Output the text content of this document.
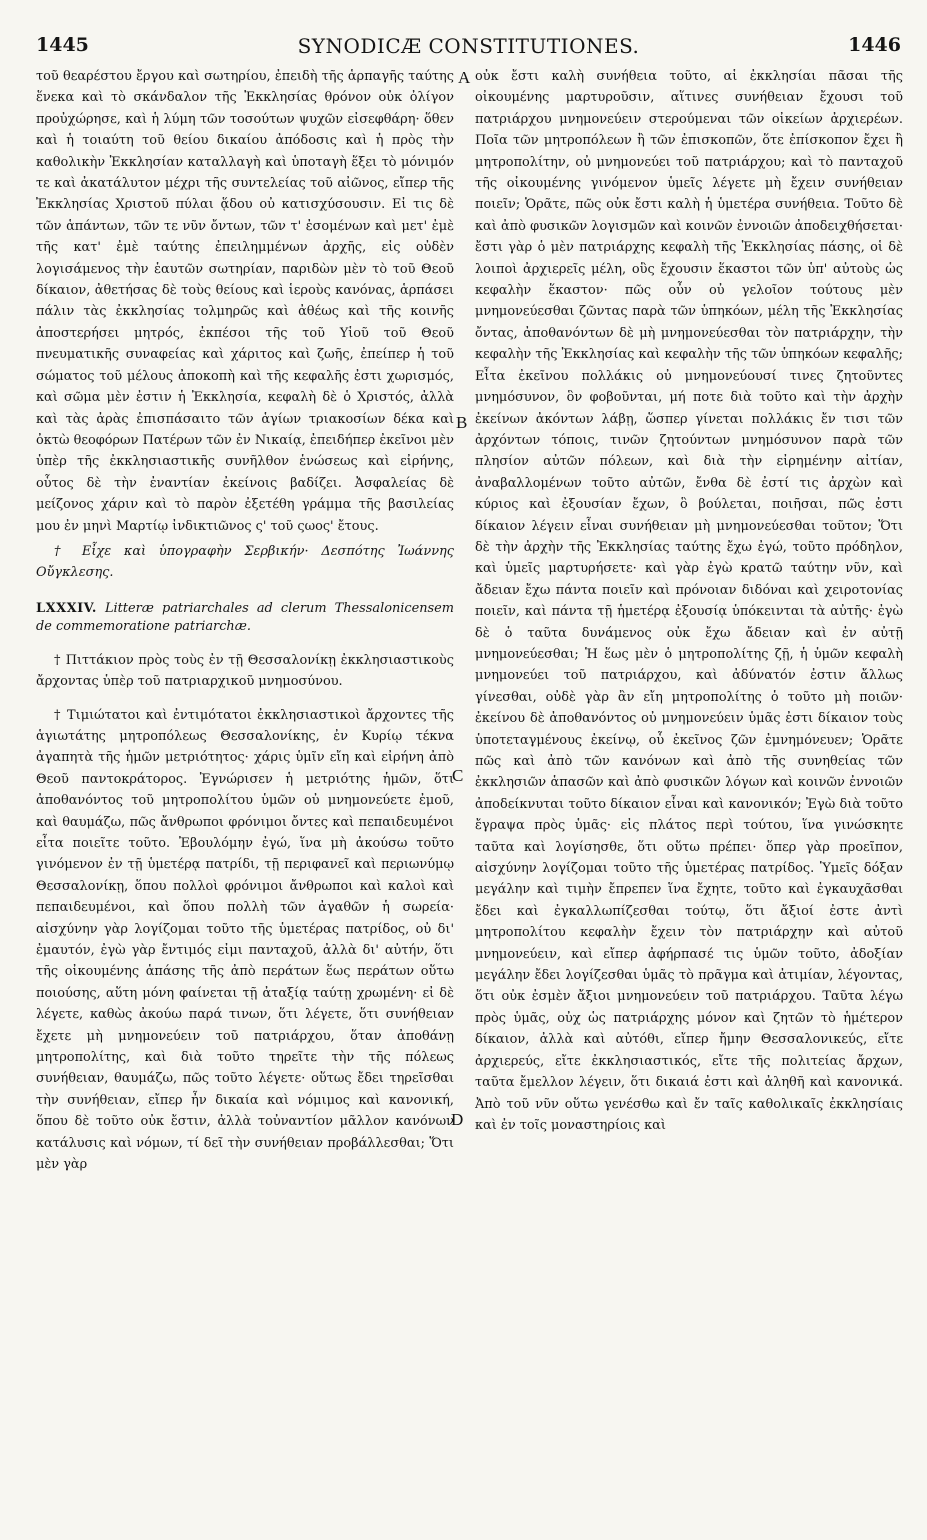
1445	SYNODICÆ CONSTITUTIONES.	1446

τοῦ θεαρέστου ἔργου καὶ σωτηρίου, ἐπειδὴ τῆς ἁρπαγῆς ταύτης ἕνεκα καὶ τὸ σκάνδαλον τῆς Ἐκκλησίας θρόνον οὐκ ὀλίγον προὐχώρησε, καὶ ἡ λύμη τῶν τοσούτων ψυχῶν εἰσεφθάρη· ὅθεν καὶ ἡ τοιαύτη τοῦ θείου δικαίου ἀπόδοσις καὶ ἡ πρὸς τὴν καθολικὴν Ἐκκλησίαν καταλλαγὴ καὶ ὑποταγὴ ἕξει τὸ μόνιμόν τε καὶ ἀκατάλυτον μέχρι τῆς συντελείας τοῦ αἰῶνος, εἴπερ τῆς Ἐκκλησίας Χριστοῦ πύλαι ᾅδου οὐ κατισχύσουσιν. Εἰ τις δὲ τῶν ἁπάντων, τῶν τε νῦν ὄντων, τῶν τ' ἐσομένων καὶ μετ' ἐμὲ τῆς κατ' ἐμὲ ταύτης ἐπειλημμένων ἀρχῆς, εἰς οὐδὲν λογισάμενος τὴν ἑαυτῶν σωτηρίαν, παριδὼν μὲν τὸ τοῦ Θεοῦ δίκαιον, ἀθετήσας δὲ τοὺς θείους καὶ ἱεροὺς κανόνας, ἁρπάσει πάλιν τὰς ἐκκλησίας τολμηρῶς καὶ ἀθέως καὶ τῆς κοινῆς ἀποστερήσει μητρός, ἐκπέσοι τῆς τοῦ Υἱοῦ τοῦ Θεοῦ πνευματικῆς συναφείας καὶ χάριτος καὶ ζωῆς, ἐπείπερ ἡ τοῦ σώματος τοῦ μέλους ἀποκοπὴ καὶ τῆς κεφαλῆς ἐστι χωρισμός, καὶ σῶμα μὲν ἐστιν ἡ Ἐκκλησία, κεφαλὴ δὲ ὁ Χριστός, ἀλλὰ καὶ τὰς ἀρὰς ἐπισπάσαιτο τῶν ἁγίων τριακοσίων δέκα καὶ ὀκτὼ θεοφόρων Πατέρων τῶν ἐν Νικαίᾳ, ἐπειδήπερ ἐκεῖνοι μὲν ὑπὲρ τῆς ἐκκλησιαστικῆς συνῆλθον ἑνώσεως καὶ εἰρήνης, οὗτος δὲ τὴν ἐναντίαν ἐκείνοις βαδίζει. Ἀσφαλείας δὲ μείζονος χάριν καὶ τὸ παρὸν ἐξετέθη γράμμα τῆς βασιλείας μου ἐν μηνὶ Μαρτίῳ ἰνδικτιῶνος ς' τοῦ ςωος' ἔτους.

† Εἶχε καὶ ὑπογραφὴν Σερβικήν· Δεσπότης Ἰωάννης Οὔγκλεσης.

LXXXIV. Litteræ patriarchales ad clerum Thessalonicensem de commemoratione patriarchæ.

† Πιττάκιον πρὸς τοὺς ἐν τῇ Θεσσαλονίκῃ ἐκκλησιαστικοὺς ἄρχοντας ὑπὲρ τοῦ πατριαρχικοῦ μνημοσύνου.

† Τιμιώτατοι καὶ ἐντιμότατοι ἐκκλησιαστικοὶ ἄρχοντες τῆς ἁγιωτάτης μητροπόλεως Θεσσαλονίκης, ἐν Κυρίῳ τέκνα ἀγαπητὰ τῆς ἡμῶν μετριότητος· χάρις ὑμῖν εἴη καὶ εἰρήνη ἀπὸ Θεοῦ παντοκράτορος. Ἐγνώρισεν ἡ μετριότης ἡμῶν, ὅτι ἀποθανόντος τοῦ μητροπολίτου ὑμῶν οὐ μνημονεύετε ἐμοῦ, καὶ θαυμάζω, πῶς ἄνθρωποι φρόνιμοι ὄντες καὶ πεπαιδευμένοι εἶτα ποιεῖτε τοῦτο. Ἐβουλόμην ἐγώ, ἵνα μὴ ἀκούσω τοῦτο γινόμενον ἐν τῇ ὑμετέρᾳ πατρίδι, τῇ περιφανεῖ καὶ περιωνύμῳ Θεσσαλονίκῃ, ὅπου πολλοὶ φρόνιμοι ἄνθρωποι καὶ καλοὶ καὶ πεπαιδευμένοι, καὶ ὅπου πολλὴ τῶν ἀγαθῶν ἡ σωρεία· αἰσχύνην γὰρ λογίζομαι τοῦτο τῆς ὑμετέρας πατρίδος, οὐ δι' ἐμαυτόν, ἐγὼ γὰρ ἔντιμός εἰμι πανταχοῦ, ἀλλὰ δι' αὐτήν, ὅτι τῆς οἰκουμένης ἁπάσης τῆς ἀπὸ περάτων ἕως περάτων οὕτω ποιούσης, αὕτη μόνη φαίνεται τῇ ἀταξίᾳ ταύτῃ χρωμένη· εἰ δὲ λέγετε, καθὼς ἀκούω παρά τινων, ὅτι λέγετε, ὅτι συνήθειαν ἔχετε μὴ μνημονεύειν τοῦ πατριάρχου, ὅταν ἀποθάνῃ μητροπολίτης, καὶ διὰ τοῦτο τηρεῖτε τὴν τῆς πόλεως συνήθειαν, θαυμάζω, πῶς τοῦτο λέγετε· οὕτως ἔδει τηρεῖσθαι τὴν συνήθειαν, εἴπερ ἦν δικαία καὶ νόμιμος καὶ κανονική, ὅπου δὲ τοῦτο οὐκ ἔστιν, ἀλλὰ τοὐναντίον μᾶλλον κανόνων κατάλυσις καὶ νόμων, τί δεῖ τὴν συνήθειαν προβάλλεσθαι; Ὅτι μὲν γὰρ

οὐκ ἔστι καλὴ συνήθεια τοῦτο, αἱ ἐκκλησίαι πᾶσαι τῆς οἰκουμένης μαρτυροῦσιν, αἵτινες συνήθειαν ἔχουσι τοῦ πατριάρχου μνημονεύειν στερούμεναι τῶν οἰκείων ἀρχιερέων. Ποῖα τῶν μητροπόλεων ἢ τῶν ἐπισκοπῶν, ὅτε ἐπίσκοπον ἔχει ἢ μητροπολίτην, οὐ μνημονεύει τοῦ πατριάρχου; καὶ τὸ πανταχοῦ τῆς οἰκουμένης γινόμενον ὑμεῖς λέγετε μὴ ἔχειν συνήθειαν ποιεῖν; Ὁρᾶτε, πῶς οὐκ ἔστι καλὴ ἡ ὑμετέρα συνήθεια. Τοῦτο δὲ καὶ ἀπὸ φυσικῶν λογισμῶν καὶ κοινῶν ἐννοιῶν ἀποδειχθήσεται· ἔστι γὰρ ὁ μὲν πατριάρχης κεφαλὴ τῆς Ἐκκλησίας πάσης, οἱ δὲ λοιποὶ ἀρχιερεῖς μέλη, οὓς ἔχουσιν ἕκαστοι τῶν ὑπ' αὐτοὺς ὡς κεφαλὴν ἕκαστον· πῶς οὖν οὐ γελοῖον τούτους μὲν μνημονεύεσθαι ζῶντας παρὰ τῶν ὑπηκόων, μέλη τῆς Ἐκκλησίας ὄντας, ἀποθανόντων δὲ μὴ μνημονεύεσθαι τὸν πατριάρχην, τὴν κεφαλὴν τῆς Ἐκκλησίας καὶ κεφαλὴν τῆς τῶν ὑπηκόων κεφαλῆς; Εἶτα ἐκεῖνου πολλάκις οὐ μνημονεύουσί τινες ζητοῦντες μνημόσυνον, ὃν φοβοῦνται, μή ποτε διὰ τοῦτο καὶ τὴν ἀρχὴν ἐκείνων ἀκόντων λάβῃ, ὥσπερ γίνεται πολλάκις ἔν τισι τῶν ἀρχόντων τόποις, τινῶν ζητούντων μνημόσυνον παρὰ τῶν πλησίον αὐτῶν πόλεων, καὶ διὰ τὴν εἰρημένην αἰτίαν, ἀναβαλλομένων τοῦτο αὐτῶν, ἔνθα δὲ ἐστί τις ἀρχὼν καὶ κύριος καὶ ἐξουσίαν ἔχων, ὃ βούλεται, ποιῆσαι, πῶς ἐστι δίκαιον λέγειν εἶναι συνήθειαν μὴ μνημονεύεσθαι τοῦτον; Ὅτι δὲ τὴν ἀρχὴν τῆς Ἐκκλησίας ταύτης ἔχω ἐγώ, τοῦτο πρόδηλον, καὶ ὑμεῖς μαρτυρήσετε· καὶ γὰρ ἐγὼ κρατῶ ταύτην νῦν, καὶ ἄδειαν ἔχω πάντα ποιεῖν καὶ πρόνοιαν διδόναι καὶ χειροτονίας ποιεῖν, καὶ πάντα τῇ ἡμετέρᾳ ἐξουσίᾳ ὑπόκεινται τὰ αὐτῆς· ἐγὼ δὲ ὁ ταῦτα δυνάμενος οὐκ ἔχω ἄδειαν καὶ ἐν αὐτῇ μνημονεύεσθαι; Ἡ ἕως μὲν ὁ μητροπολίτης ζῇ, ἡ ὑμῶν κεφαλὴ μνημονεύει τοῦ πατριάρχου, καὶ ἀδύνατόν ἐστιν ἄλλως γίνεσθαι, οὐδὲ γὰρ ἂν εἴη μητροπολίτης ὁ τοῦτο μὴ ποιῶν· ἐκείνου δὲ ἀποθανόντος οὐ μνημονεύειν ὑμᾶς ἐστι δίκαιον τοὺς ὑποτεταγμένους ἐκείνῳ, οὗ ἐκεῖνος ζῶν ἐμνημόνευεν; Ὁρᾶτε πῶς καὶ ἀπὸ τῶν κανόνων καὶ ἀπὸ τῆς συνηθείας τῶν ἐκκλησιῶν ἁπασῶν καὶ ἀπὸ φυσικῶν λόγων καὶ κοινῶν ἐννοιῶν ἀποδείκνυται τοῦτο δίκαιον εἶναι καὶ κανονικόν; Ἐγὼ διὰ τοῦτο ἔγραψα πρὸς ὑμᾶς· εἰς πλάτος περὶ τούτου, ἵνα γινώσκητε ταῦτα καὶ λογίσησθε, ὅτι οὕτω πρέπει· ὅπερ γὰρ προεῖπον, αἰσχύνην λογίζομαι τοῦτο τῆς ὑμετέρας πατρίδος. Ὑμεῖς δόξαν μεγάλην καὶ τιμὴν ἔπρεπεν ἵνα ἔχητε, τοῦτο καὶ ἐγκαυχᾶσθαι ἔδει καὶ ἐγκαλλωπίζεσθαι τούτῳ, ὅτι ἄξιοί ἐστε ἀντὶ μητροπολίτου κεφαλὴν ἔχειν τὸν πατριάρχην καὶ αὐτοῦ μνημονεύειν, καὶ εἴπερ ἀφήρπασέ τις ὑμῶν τοῦτο, ἀδοξίαν μεγάλην ἔδει λογίζεσθαι ὑμᾶς τὸ πρᾶγμα καὶ ἀτιμίαν, λέγοντας, ὅτι οὐκ ἐσμὲν ἄξιοι μνημονεύειν τοῦ πατριάρχου. Ταῦτα λέγω πρὸς ὑμᾶς, οὐχ ὡς πατριάρχης μόνον καὶ ζητῶν τὸ ἡμέτερον δίκαιον, ἀλλὰ καὶ αὐτόθι, εἴπερ ἤμην Θεσσαλονικεύς, εἴτε ἀρχιερεύς, εἴτε ἐκκλησιαστικός, εἴτε τῆς πολιτείας ἄρχων, ταῦτα ἔμελλον λέγειν, ὅτι δικαιά ἐστι καὶ ἀληθῆ καὶ κανονικά. Ἀπὸ τοῦ νῦν οὕτω γενέσθω καὶ ἔν ταῖς καθολικαῖς ἐκκλησίαις καὶ ἐν τοῖς μοναστηρίοις καὶ

A
B
C
D
